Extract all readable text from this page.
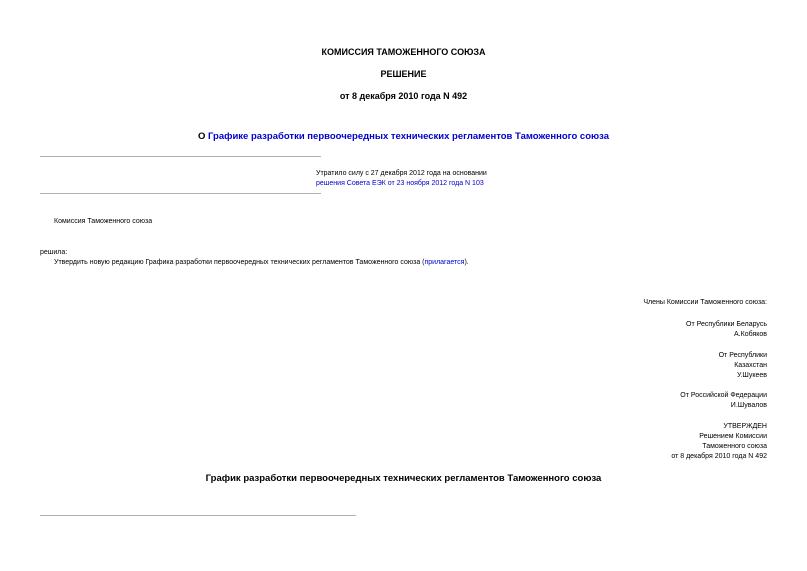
КОМИССИЯ ТАМОЖЕННОГО СОЮЗА
РЕШЕНИЕ
от 8 декабря 2010 года N 492
О Графике разработки первоочередных технических регламентов Таможенного союза
Утратило силу с 27 декабря 2012 года на основании
решения Совета ЕЭК от 23 ноября 2012 года N 103
Комиссия Таможенного союза
решила:
Утвердить новую редакцию Графика разработки первоочередных технических регламентов Таможенного союза (прилагается).
Члены Комиссии Таможенного союза:
От Республики Беларусь
А.Кобяков
От Республики
Казахстан
У.Шукеев
От Российской Федерации
И.Шувалов
УТВЕРЖДЕН
Решением Комиссии
Таможенного союза
от 8 декабря 2010 года N 492
График разработки первоочередных технических регламентов Таможенного союза
